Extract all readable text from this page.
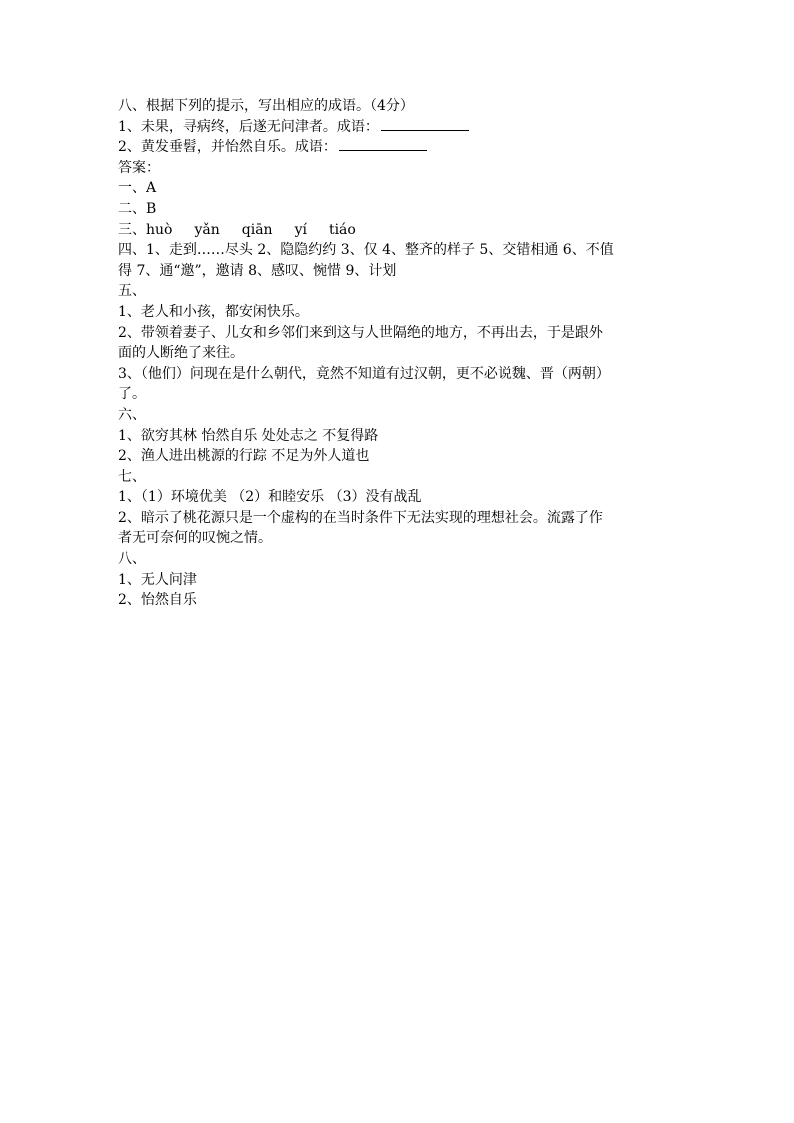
八、根据下列的提示，写出相应的成语。（4分）
1、未果，寻病终，后遂无问津者。成语：
2、黄发垂髫，并怡然自乐。成语：
答案：
一、A
二、B
三、huò yǎn qiān yí tiáo
四、1、走到……尽头 2、隐隐约约 3、仅 4、整齐的样子 5、交错相通 6、不值
得 7、通“邀”，邀请 8、感叹、惋惜 9、计划
五、
1、老人和小孩，都安闲快乐。
2、带领着妻子、儿女和乡邻们来到这与人世隔绝的地方，不再出去，于是跟外
面的人断绝了来往。
3、（他们）问现在是什么朝代，竟然不知道有过汉朝，更不必说魏、晋（两朝）
了。
六、
1、欲穷其林 怡然自乐 处处志之 不复得路
2、渔人进出桃源的行踪 不足为外人道也
七、
1、（1）环境优美 （2）和睦安乐 （3）没有战乱
2、暗示了桃花源只是一个虚构的在当时条件下无法实现的理想社会。流露了作
者无可奈何的叹惋之情。
八、
1、无人问津
2、怡然自乐
